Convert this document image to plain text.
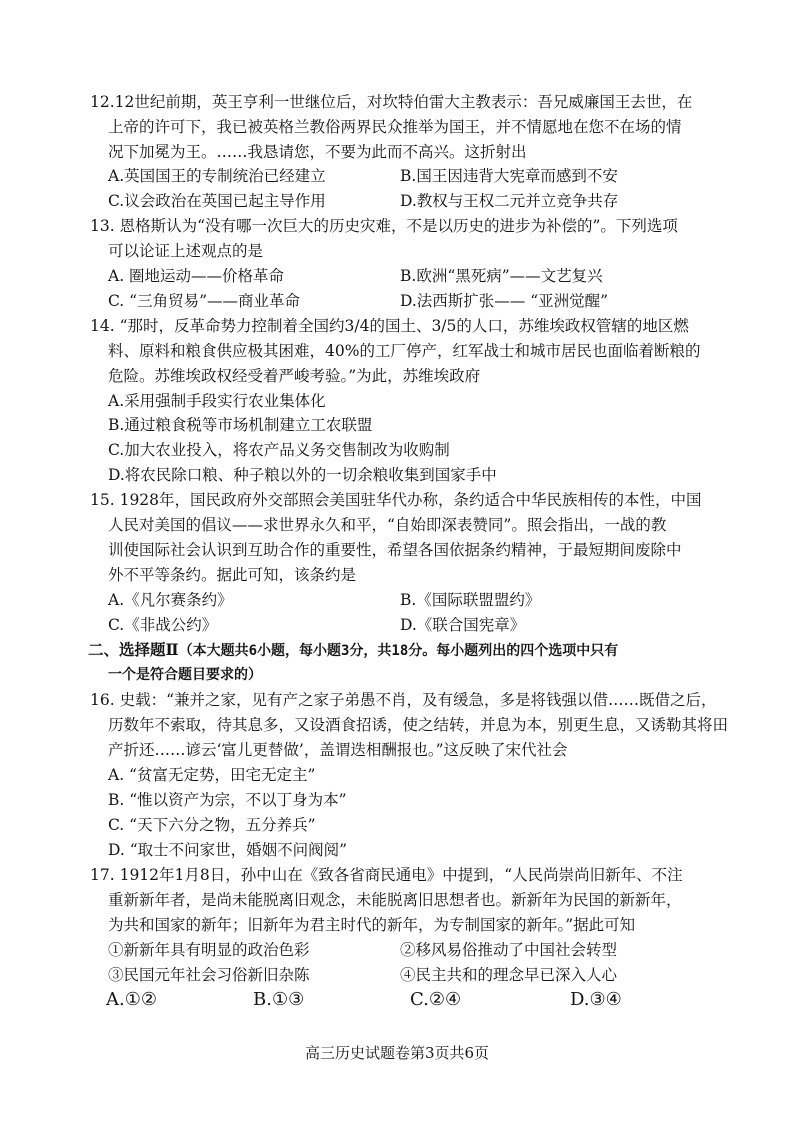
12.12世纪前期，英王亨利一世继位后，对坎特伯雷大主教表示：吾兄威廉国王去世，在
上帝的许可下，我已被英格兰教俗两界民众推举为国王，并不情愿地在您不在场的情
况下加冕为王。……我恳请您，不要为此而不高兴。这折射出
A.英国国王的专制统治已经建立	B.国王因违背大宪章而感到不安
C.议会政治在英国已起主导作用	D.教权与王权二元并立竞争共存
13. 恩格斯认为“没有哪一次巨大的历史灾难，不是以历史的进步为补偿的”。下列选项
可以论证上述观点的是
A. 圈地运动——价格革命	B.欧洲“黑死病”——文艺复兴
C. “三角贸易”——商业革命	D.法西斯扩张—— “亚洲觉醒”
14. “那时，反革命势力控制着全国约3/4的国土、3/5的人口，苏维埃政权管辖的地区燃
料、原料和粮食供应极其困难，40%的工厂停产，红军战士和城市居民也面临着断粮的
危险。苏维埃政权经受着严峻考验。”为此，苏维埃政府
A.采用强制手段实行农业集体化
B.通过粮食税等市场机制建立工农联盟
C.加大农业投入，将农产品义务交售制改为收购制
D.将农民除口粮、种子粮以外的一切余粮收集到国家手中
15. 1928年，国民政府外交部照会美国驻华代办称，条约适合中华民族相传的本性，中国
人民对美国的倡议——求世界永久和平，“自始即深表赞同”。照会指出，一战的教
训使国际社会认识到互助合作的重要性，希望各国依据条约精神，于最短期间废除中
外不平等条约。据此可知，该条约是
A.《凡尔赛条约》	B.《国际联盟盟约》
C.《非战公约》	D.《联合国宪章》
二、选择题Ⅱ（本大题共6小题，每小题3分，共18分。每小题列出的四个选项中只有
一个是符合题目要求的）
16. 史载：“兼并之家，见有产之家子弟愚不肖，及有缓急，多是将钱强以借……既借之后，
历数年不索取，待其息多，又设酒食招诱，使之结转，并息为本，别更生息，又诱勒其将田
产折还……谚云‘富儿更替做’，盖谓迭相酬报也。”这反映了宋代社会
A. “贫富无定势，田宅无定主”
B. “惟以资产为宗，不以丁身为本”
C. “天下六分之物，五分养兵”
D. “取士不问家世，婚姻不问阀阅”
17. 1912年1月8日，孙中山在《致各省商民通电》中提到，“人民尚崇尚旧新年、不注
重新新年者，是尚未能脱离旧观念，未能脱离旧思想者也。新新年为民国的新新年，
为共和国家的新年；旧新年为君主时代的新年，为专制国家的新年。”据此可知
①新新年具有明显的政治色彩	②移风易俗推动了中国社会转型
③民国元年社会习俗新旧杂陈	④民主共和的理念早已深入人心
A.①②	B.①③	C.②④	D.③④
高三历史试题卷第3页共6页
